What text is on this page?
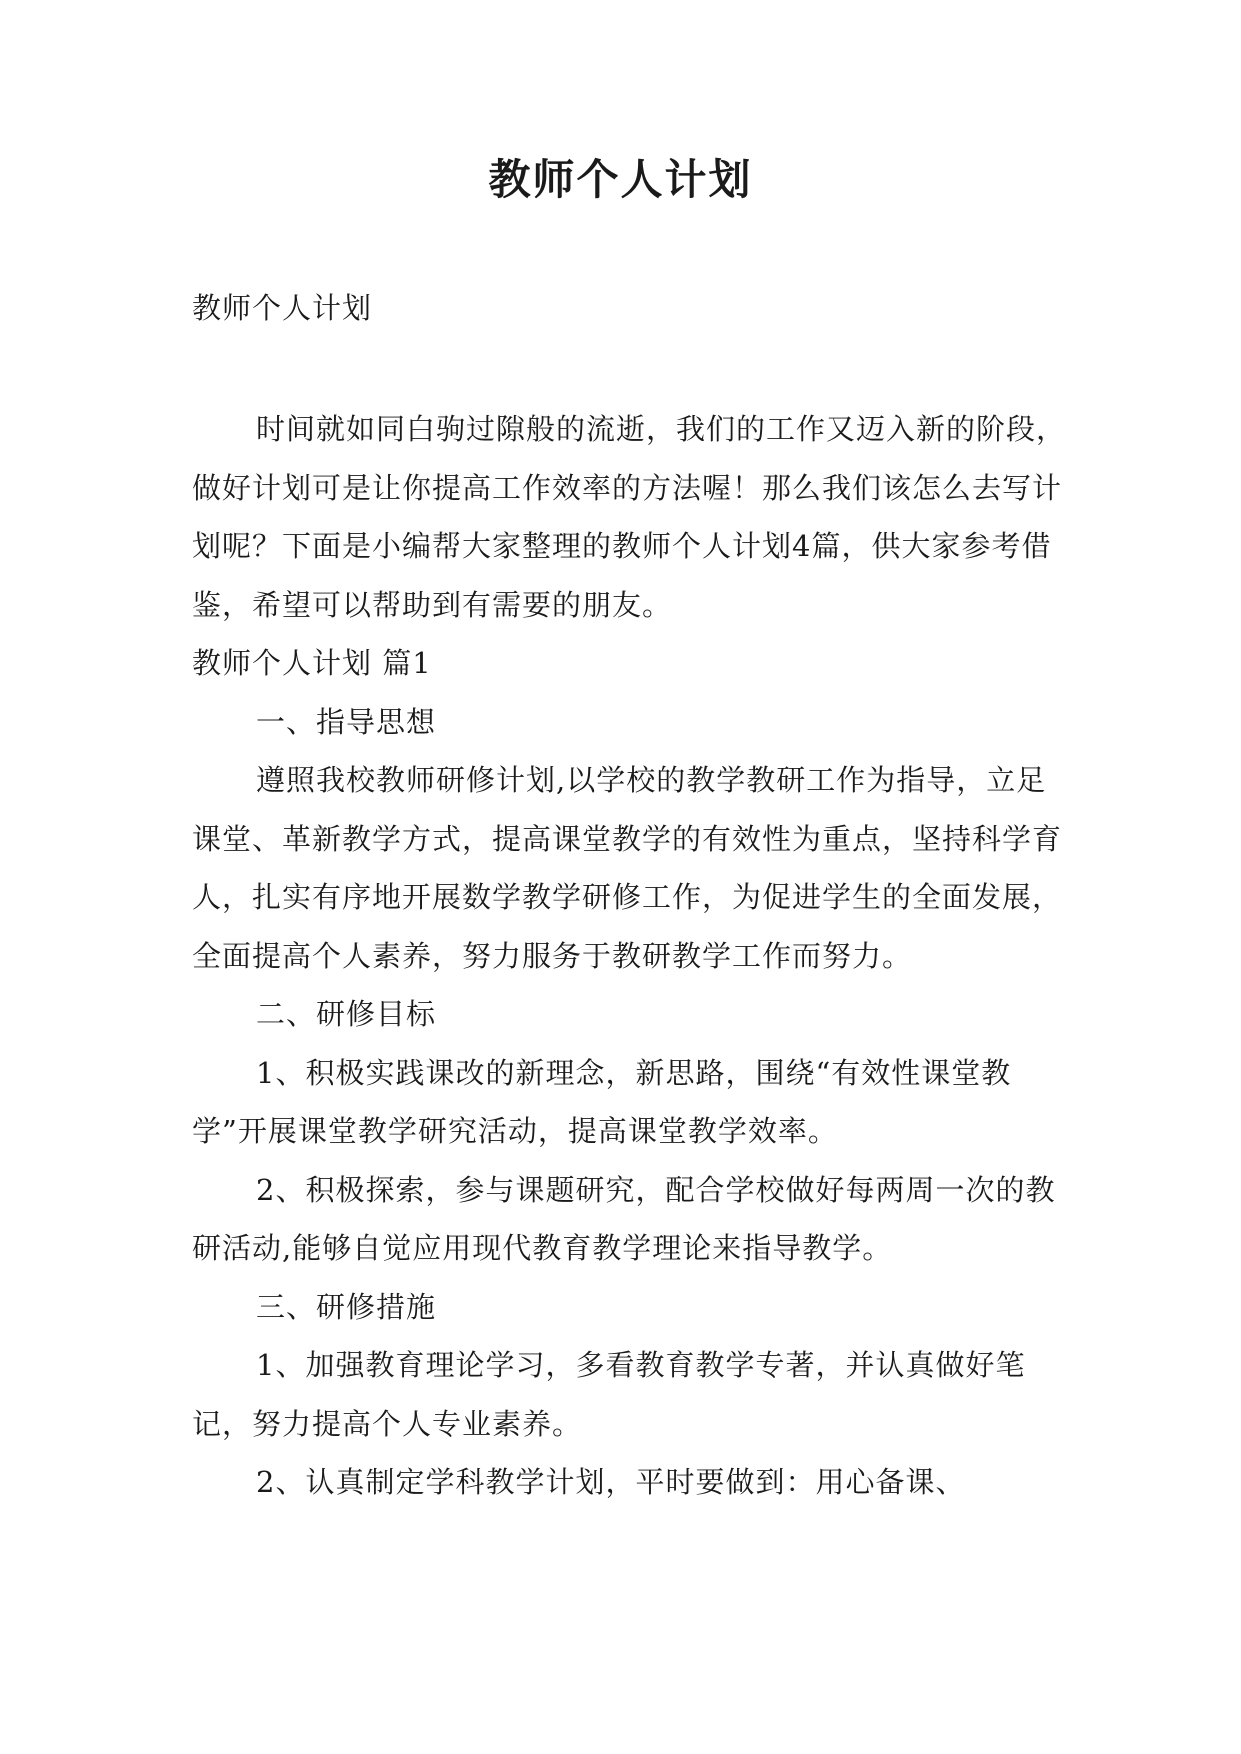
教师个人计划

教师个人计划

时间就如同白驹过隙般的流逝，我们的工作又迈入新的阶段，做好计划可是让你提高工作效率的方法喔！那么我们该怎么去写计划呢？下面是小编帮大家整理的教师个人计划4篇，供大家参考借鉴，希望可以帮助到有需要的朋友。

教师个人计划 篇1

一、指导思想

遵照我校教师研修计划,以学校的教学教研工作为指导，立足课堂、革新教学方式，提高课堂教学的有效性为重点，坚持科学育人，扎实有序地开展数学教学研修工作，为促进学生的全面发展，全面提高个人素养，努力服务于教研教学工作而努力。

二、研修目标

1、积极实践课改的新理念，新思路，围绕“有效性课堂教学”开展课堂教学研究活动，提高课堂教学效率。

2、积极探索，参与课题研究，配合学校做好每两周一次的教研活动,能够自觉应用现代教育教学理论来指导教学。

三、研修措施

1、加强教育理论学习，多看教育教学专著，并认真做好笔记，努力提高个人专业素养。

2、认真制定学科教学计划，平时要做到：用心备课、
